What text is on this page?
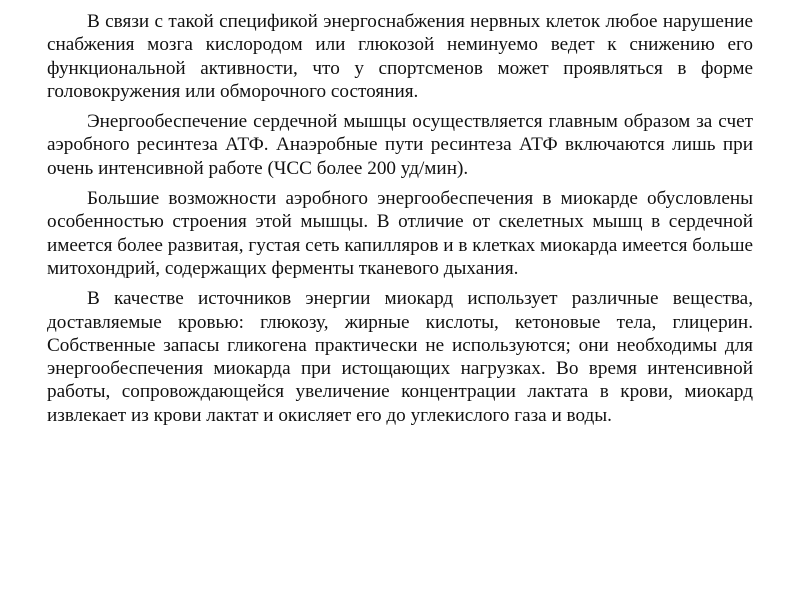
В связи с такой спецификой энергоснабжения нервных клеток любое нарушение снабжения мозга кислородом или глюкозой неминуемо ведет к снижению его функциональной активности, что у спортсменов может проявляться в форме головокружения или обморочного состояния.

Энергообеспечение сердечной мышцы осуществляется главным образом за счет аэробного ресинтеза АТФ. Анаэробные пути ресинтеза АТФ включаются лишь при очень интенсивной работе (ЧСС более 200 уд/мин).

Большие возможности аэробного энергообеспечения в миокарде обусловлены особенностью строения этой мышцы. В отличие от скелетных мышц в сердечной имеется более развитая, густая сеть капилляров и в клетках миокарда имеется больше митохондрий, содержащих ферменты тканевого дыхания.

В качестве источников энергии миокард использует различные вещества, доставляемые кровью: глюкозу, жирные кислоты, кетоновые тела, глицерин. Собственные запасы гликогена практически не используются; они необходимы для энергообеспечения миокарда при истощающих нагрузках. Во время интенсивной работы, сопровождающейся увеличение концентрации лактата в крови, миокард извлекает из крови лактат и окисляет его до углекислого газа и воды.
